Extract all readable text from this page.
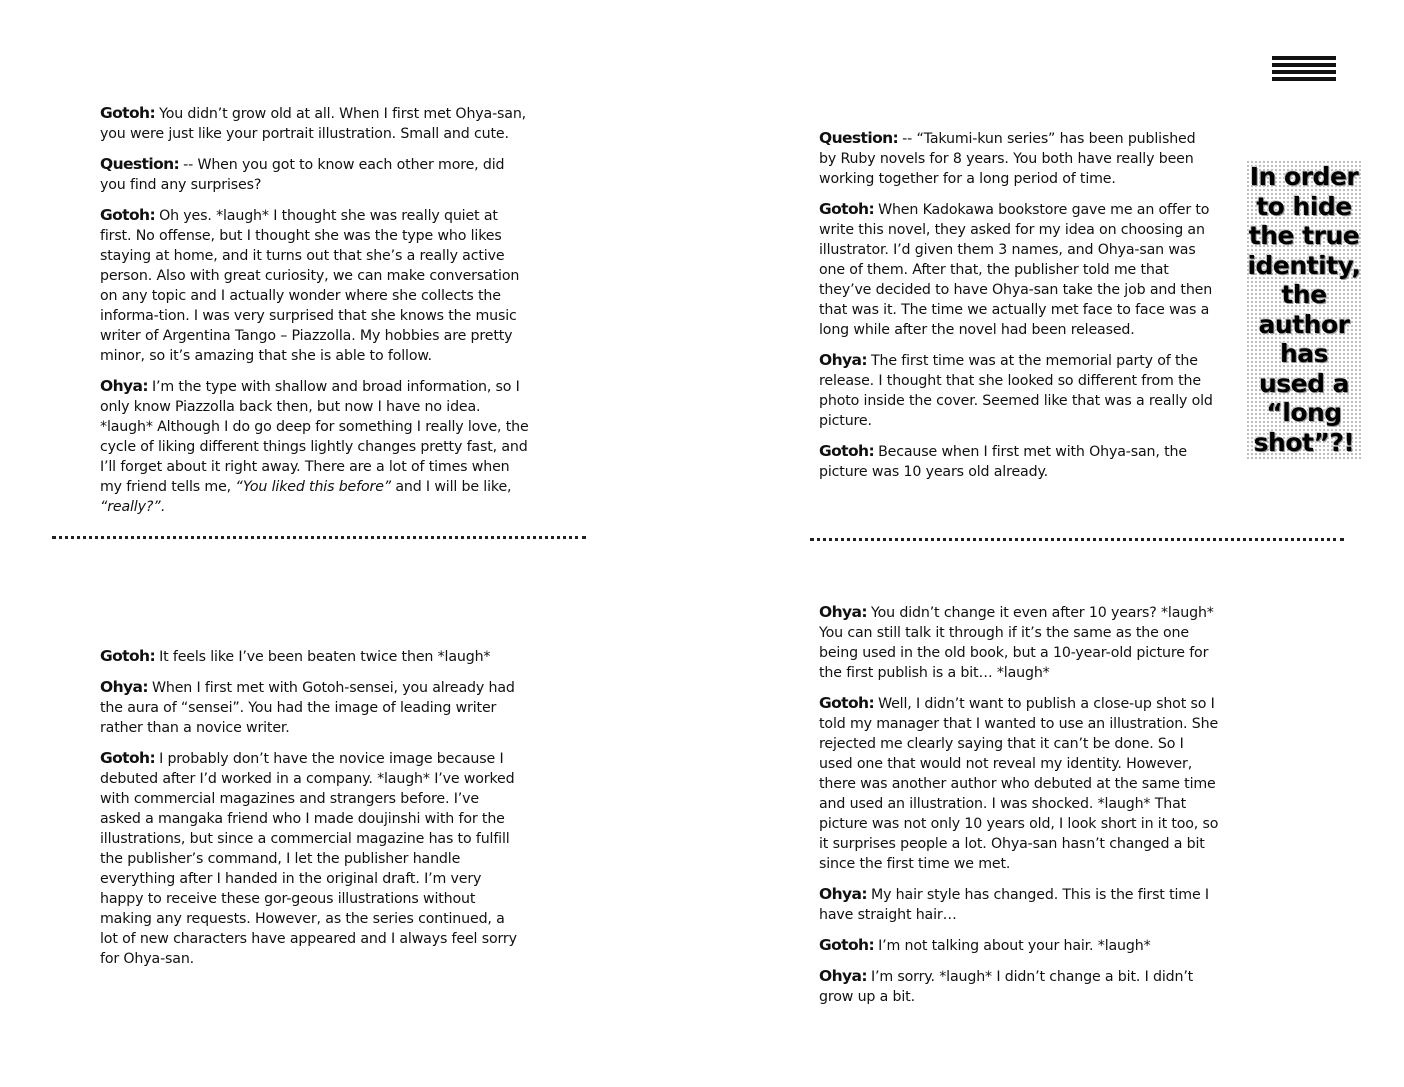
Gotoh: You didn’t grow old at all. When I first met Ohya-san, you were just like your portrait illustration. Small and cute.

Question: -- When you got to know each other more, did you find any surprises?

Gotoh: Oh yes. *laugh* I thought she was really quiet at first. No offense, but I thought she was the type who likes staying at home, and it turns out that she’s a really active person. Also with great curiosity, we can make conversation on any topic and I actually wonder where she collects the informa-tion. I was very surprised that she knows the music writer of Argentina Tango – Piazzolla. My hobbies are pretty minor, so it’s amazing that she is able to follow.

Ohya: I’m the type with shallow and broad information, so I only know Piazzolla back then, but now I have no idea. *laugh* Although I do go deep for something I really love, the cycle of liking different things lightly changes pretty fast, and I’ll forget about it right away. There are a lot of times when my friend tells me, “You liked this before” and I will be like, “really?”.

Gotoh: It feels like I’ve been beaten twice then *laugh*

Ohya: When I first met with Gotoh-sensei, you already had the aura of “sensei”. You had the image of leading writer rather than a novice writer.

Gotoh: I probably don’t have the novice image because I debuted after I’d worked in a company. *laugh* I’ve worked with commercial magazines and strangers before. I’ve asked a mangaka friend who I made doujinshi with for the illustrations, but since a commercial magazine has to fulfill the publisher’s command, I let the publisher handle everything after I handed in the original draft. I’m very happy to receive these gor-geous illustrations without making any requests. However, as the series continued, a lot of new characters have appeared and I always feel sorry for Ohya-san.

Question: -- “Takumi-kun series” has been published by Ruby novels for 8 years. You both have really been working together for a long period of time.

Gotoh: When Kadokawa bookstore gave me an offer to write this novel, they asked for my idea on choosing an illustrator. I’d given them 3 names, and Ohya-san was one of them. After that, the publisher told me that they’ve decided to have Ohya-san take the job and then that was it. The time we actually met face to face was a long while after the novel had been released.

Ohya: The first time was at the memorial party of the release. I thought that she looked so different from the photo inside the cover. Seemed like that was a really old picture.

Gotoh: Because when I first met with Ohya-san, the picture was 10 years old already.

Ohya: You didn’t change it even after 10 years? *laugh* You can still talk it through if it’s the same as the one being used in the old book, but a 10-year-old picture for the first publish is a bit… *laugh*

Gotoh: Well, I didn’t want to publish a close-up shot so I told my manager that I wanted to use an illustration. She rejected me clearly saying that it can’t be done. So I used one that would not reveal my identity. However, there was another author who debuted at the same time and used an illustration. I was shocked. *laugh* That picture was not only 10 years old, I look short in it too, so it surprises people a lot. Ohya-san hasn’t changed a bit since the first time we met.

Ohya: My hair style has changed. This is the first time I have straight hair…

Gotoh: I’m not talking about your hair. *laugh*

Ohya: I’m sorry. *laugh* I didn’t change a bit. I didn’t grow up a bit.

In order to hide the true identity, the author has used a “long shot”?!
